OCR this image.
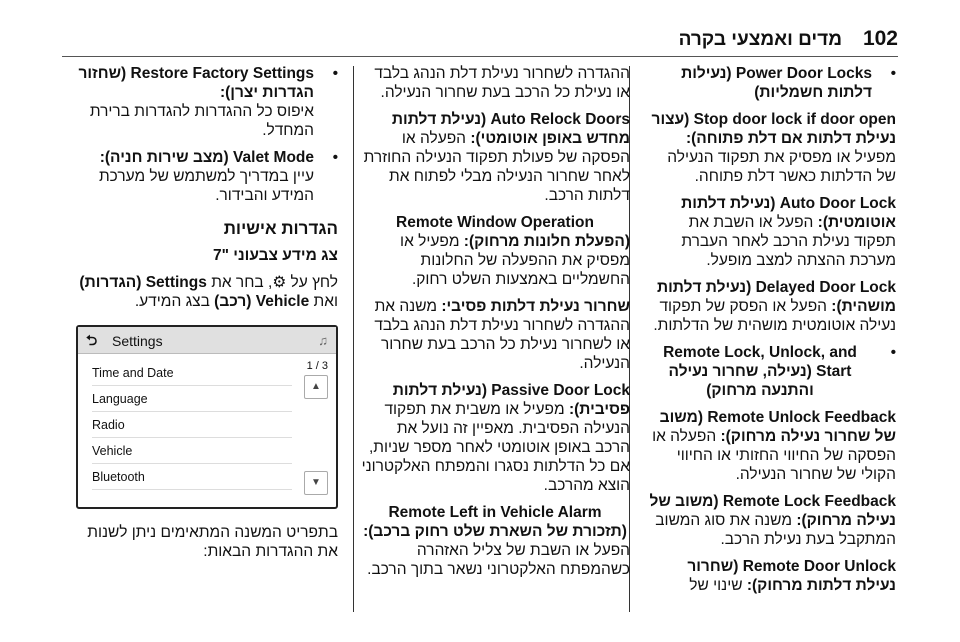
102
מדים ואמצעי בקרה
•
Power Door Locks (נעילות דלתות חשמליות)
Stop door lock if door open (עצור נעילת דלתות אם דלת פתוחה): מפעיל או מפסיק את תפקוד הנעילה של הדלתות כאשר דלת פתוחה.
Auto Door Lock (נעילת דלתות אוטומטית): הפעל או השבת את תפקוד נעילת הרכב לאחר העברת מערכת ההצתה למצב מופעל.
Delayed Door Lock (נעילת דלתות מושהית): הפעל או הפסק של תפקוד נעילה אוטומטית מושהית של הדלתות.
•
Remote Lock, Unlock, and Start (נעילה, שחרור נעילה והתנעה מרחוק)
Remote Unlock Feedback (משוב של שחרור נעילה מרחוק): הפעלה או הפסקה של החיווי החזותי או החיווי הקולי של שחרור הנעילה.
Remote Lock Feedback (משוב של נעילה מרחוק): משנה את סוג המשוב המתקבל בעת נעילת הרכב.
Remote Door Unlock (שחרור נעילת דלתות מרחוק): שינוי של
ההגדרה לשחרור נעילת דלת הנהג בלבד או נעילת כל הרכב בעת שחרור הנעילה.
Auto Relock Doors (נעילת דלתות מחדש באופן אוטומטי): הפעלה או הפסקה של פעולת תפקוד הנעילה החוזרת לאחר שחרור הנעילה מבלי לפתוח את דלתות הרכב.
Remote Window Operation
(הפעלת חלונות מרחוק): מפעיל או מפסיק את ההפעלה של החלונות החשמליים באמצעות השלט רחוק.
שחרור נעילת דלתות פסיבי: משנה את ההגדרה לשחרור נעילת דלת הנהג בלבד או לשחרור נעילת כל הרכב בעת שחרור הנעילה.
Passive Door Lock (נעילת דלתות פסיבית): מפעיל או משבית את תפקוד הנעילה הפסיבית. מאפיין זה נועל את הרכב באופן אוטומטי לאחר מספר שניות, אם כל הדלתות נסגרו והמפתח האלקטרוני הוצא מהרכב.
Remote Left in Vehicle Alarm
(תזכורת של השארת שלט רחוק ברכב):
הפעל או השבת של צליל האזהרה כשהמפתח האלקטרוני נשאר בתוך הרכב.
•
Restore Factory Settings (שחזור הגדרות יצרן):
איפוס כל ההגדרות להגדרות ברירת המחדל.
•
Valet Mode (מצב שירות חניה):
עיין במדריך למשתמש של מערכת המידע והבידור.
הגדרות אישיות
צג מידע צבעוני "7
לחץ על ⚙, בחר את Settings (הגדרות) ואת Vehicle (רכב) בצג המידע.
⮌ Settings	♫
Time and Date
Language
Radio
Vehicle
Bluetooth
1 / 3
▲
▼
בתפריט המשנה המתאימים ניתן לשנות את ההגדרות הבאות:
